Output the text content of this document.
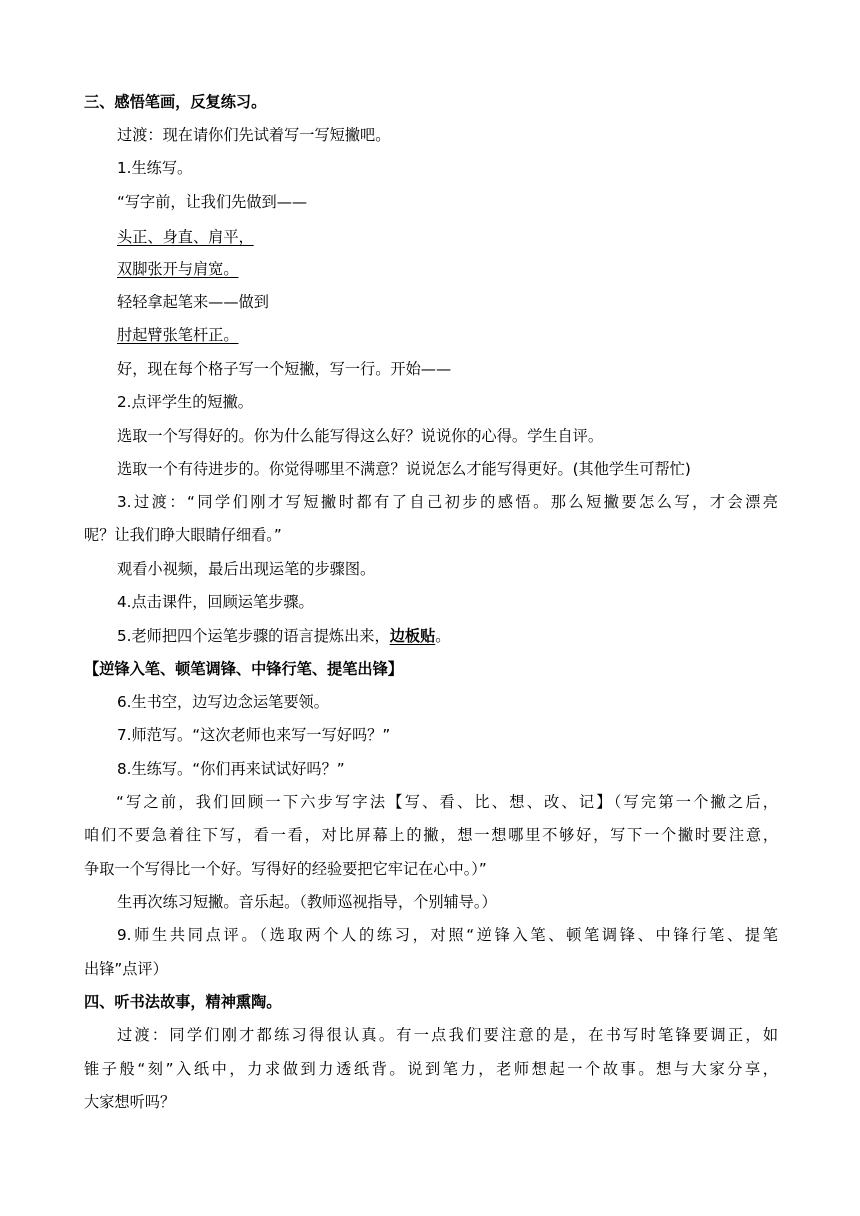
三、感悟笔画，反复练习。
过渡：现在请你们先试着写一写短撇吧。
1.生练写。
“写字前，让我们先做到——
头正、身直、肩平，
双脚张开与肩宽。
轻轻拿起笔来——做到
肘起臂张笔杆正。
好，现在每个格子写一个短撇，写一行。开始——
2.点评学生的短撇。
选取一个写得好的。你为什么能写得这么好？说说你的心得。学生自评。
选取一个有待进步的。你觉得哪里不满意？说说怎么才能写得更好。(其他学生可帮忙)
3.过渡：“同学们刚才写短撇时都有了自己初步的感悟。那么短撇要怎么写，才会漂亮
呢？让我们睁大眼睛仔细看。”
观看小视频，最后出现运笔的步骤图。
4.点击课件，回顾运笔步骤。
5.老师把四个运笔步骤的语言提炼出来，边板贴。
【逆锋入笔、顿笔调锋、中锋行笔、提笔出锋】
6.生书空，边写边念运笔要领。
7.师范写。“这次老师也来写一写好吗？”
8.生练写。“你们再来试试好吗？”
“写之前，我们回顾一下六步写字法【写、看、比、想、改、记】（写完第一个撇之后，
咱们不要急着往下写，看一看，对比屏幕上的撇，想一想哪里不够好，写下一个撇时要注意，
争取一个写得比一个好。写得好的经验要把它牢记在心中。）”
生再次练习短撇。音乐起。（教师巡视指导，个别辅导。）
9.师生共同点评。（选取两个人的练习，对照“逆锋入笔、顿笔调锋、中锋行笔、提笔
出锋”点评）
四、听书法故事，精神熏陶。
过渡：同学们刚才都练习得很认真。有一点我们要注意的是，在书写时笔锋要调正，如
锥子般“刻”入纸中，力求做到力透纸背。说到笔力，老师想起一个故事。想与大家分享，
大家想听吗？
